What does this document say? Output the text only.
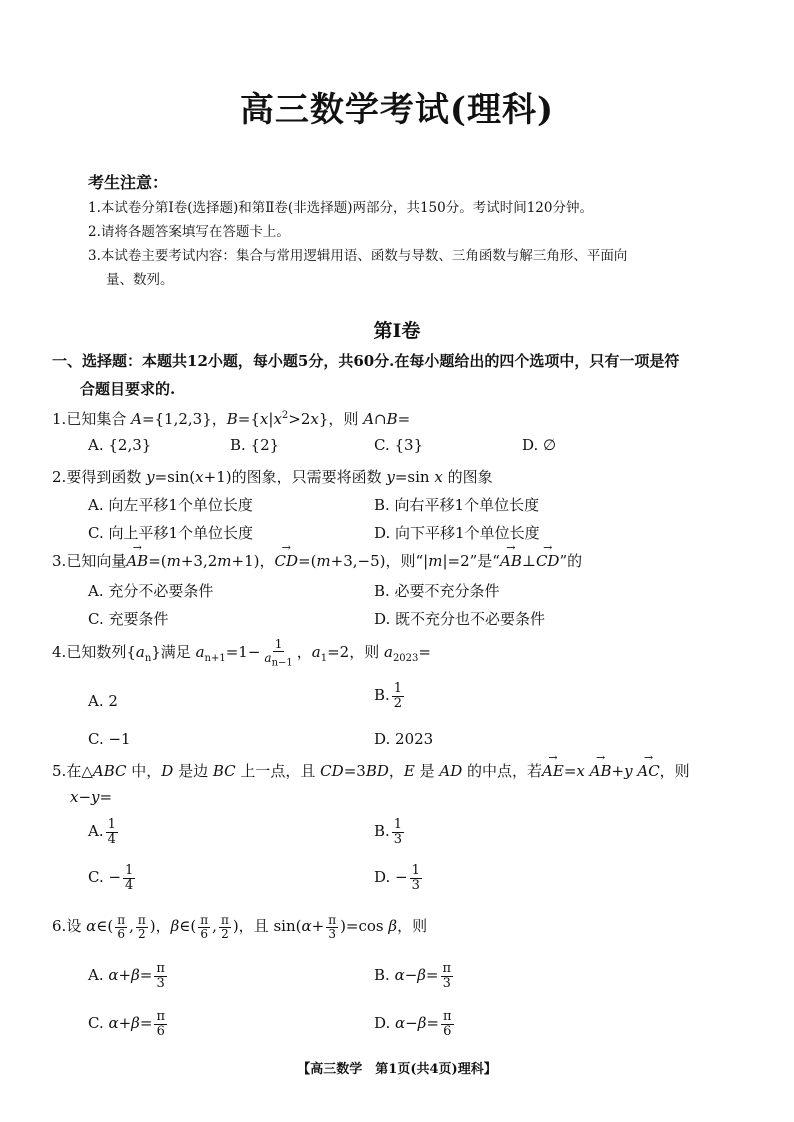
高三数学考试(理科)
考生注意：
1.本试卷分第Ⅰ卷(选择题)和第Ⅱ卷(非选择题)两部分，共150分。考试时间120分钟。
2.请将各题答案填写在答题卡上。
3.本试卷主要考试内容：集合与常用逻辑用语、函数与导数、三角函数与解三角形、平面向
量、数列。
第Ⅰ卷
一、选择题：本题共12小题，每小题5分，共60分.在每小题给出的四个选项中，只有一项是符
合题目要求的.
1.已知集合 A={1,2,3}，$B=\{x|x^2>2x\}$，则 A∩B=
A. {2,3}	B. {2}	C. {3}	D. ∅
2.要得到函数 y=sin(x+1)的图象，只需要将函数 y=sin x 的图象
A. 向左平移1个单位长度	B. 向右平移1个单位长度
C. 向上平移1个单位长度	D. 向下平移1个单位长度
3.已知向量→ AB=(m+3,2m+1)，→ CD=(m+3,−5)，则“|m|=2”是“→ AB⊥→ CD”的
A. 充分不必要条件	B. 必要不充分条件
C. 充要条件	D. 既不充分也不必要条件
4.已知数列$\{a_n\}$满足 $a_{n+1}=1- \frac{1}{a_{n-1}}$ ，$a_1=2$，则 $a_{2023}=$
A. 2	B. $\frac{1}{2}$
C. −1	D. 2023
5.在△ABC 中，D 是边 BC 上一点，且 CD=3BD，E 是 AD 的中点，若→ AE=x → AB+y → AC，则
x−y=
A. $\frac{1}{4}$	B. $\frac{1}{3}$
C. − $\frac{1}{4}$	D. − $\frac{1}{3}$
6.设 α∈( $\frac{\pi}{6}$ , $\frac{\pi}{2}$ )，β∈( $\frac{\pi}{6}$ , $\frac{\pi}{2}$ )，且 $\sin(\alpha+ \frac{\pi}{3} )=\cos$ β，则
A. $\alpha+\beta= \frac{\pi}{3}$	B. $\alpha-\beta= \frac{\pi}{3}$
C. $\alpha+\beta= \frac{\pi}{6}$	D. $\alpha-\beta= \frac{\pi}{6}$
【高三数学　第1页(共4页)理科】
